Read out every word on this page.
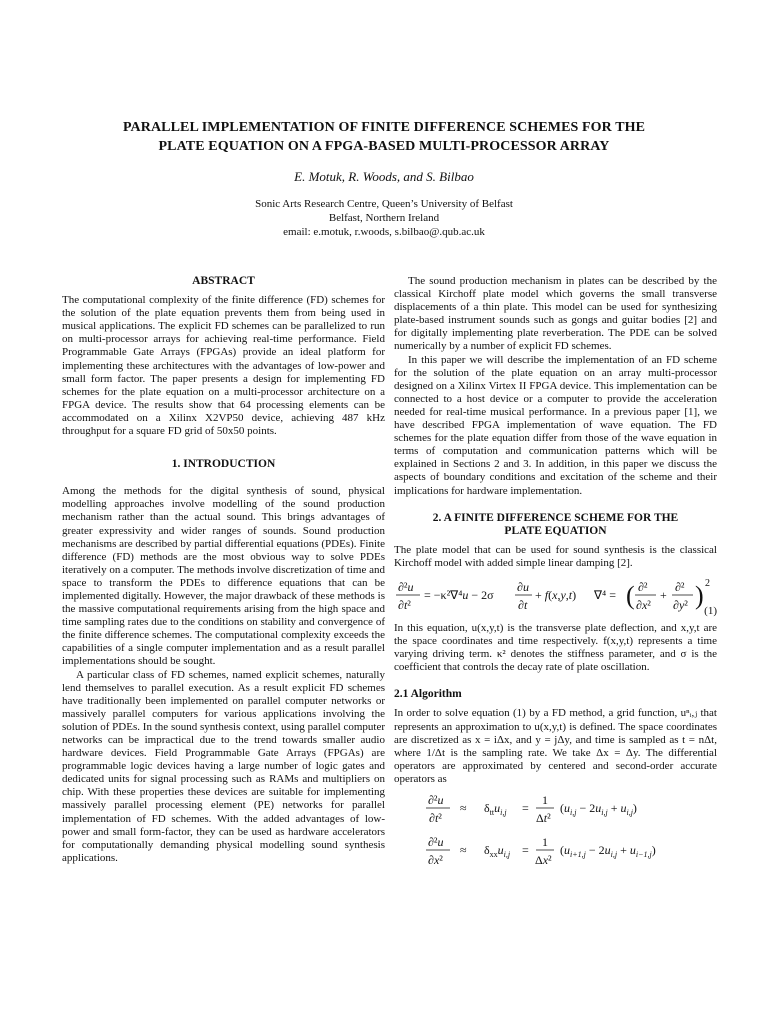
PARALLEL IMPLEMENTATION OF FINITE DIFFERENCE SCHEMES FOR THE
PLATE EQUATION ON A FPGA-BASED MULTI-PROCESSOR ARRAY
E. Motuk, R. Woods, and S. Bilbao
Sonic Arts Research Centre, Queen’s University of Belfast
Belfast, Northern Ireland
email: e.motuk, r.woods, s.bilbao@.qub.ac.uk

ABSTRACT

The computational complexity of the finite difference (FD) schemes for the solution of the plate equation prevents them from being used in musical applications. The explicit FD schemes can be parallelized to run on multi-processor arrays for achieving real-time performance. Field Programmable Gate Arrays (FPGAs) provide an ideal platform for implementing these architectures with the advantages of low-power and small form factor. The paper presents a design for implementing FD schemes for the plate equation on a multi-processor architecture on a FPGA device. The results show that 64 processing elements can be accommodated on a Xilinx X2VP50 device, achieving 487 kHz throughput for a square FD grid of 50x50 points.

1. INTRODUCTION

Among the methods for the digital synthesis of sound, physical modelling approaches involve modelling of the sound production mechanism rather than the actual sound. This brings advantages of greater expressivity and wider ranges of sounds. Sound production mechanisms are described by partial differential equations (PDEs). Finite difference (FD) methods are the most obvious way to solve PDEs iteratively on a computer. The methods involve discretization of time and space to transform the PDEs to difference equations that can be implemented digitally. However, the major drawback of these methods is the massive computational requirements arising from the high space and time sampling rates due to the conditions on stability and convergence of the finite difference schemes. The computational complexity exceeds the capabilities of a single computer implementation and as a result parallel implementations should be sought.

A particular class of FD schemes, named explicit schemes, naturally lend themselves to parallel execution. As a result explicit FD schemes have traditionally been implemented on parallel computer networks or massively parallel computers for various applications involving the solution of PDEs. In the sound synthesis context, using parallel computer networks can be impractical due to the trend towards smaller audio hardware devices. Field Programmable Gate Arrays (FPGAs) are programmable logic devices having a large number of logic gates and dedicated units for signal processing such as RAMs and multipliers on chip. With these properties these devices are suitable for implementing massively parallel processing element (PE) networks for parallel implementation of FD schemes. With the added advantages of low-power and small form-factor, they can be used as hardware accelerators for computationally demanding physical modelling sound synthesis applications.

The sound production mechanism in plates can be described by the classical Kirchoff plate model which governs the small transverse displacements of a thin plate. This model can be used for synthesizing plate-based instrument sounds such as gongs and guitar bodies [2] and for digitally implementing plate reverberation. The PDE can be solved numerically by a number of explicit FD schemes.

In this paper we will describe the implementation of an FD scheme for the solution of the plate equation on an array multi-processor designed on a Xilinx Virtex II FPGA device. This implementation can be connected to a host device or a computer to provide the acceleration needed for real-time musical performance. In a previous paper [1], we have described FPGA implementation of wave equation. The FD schemes for the plate equation differ from those of the wave equation in terms of computation and communication patterns which will be explained in Sections 2 and 3. In addition, in this paper we discuss the aspects of boundary conditions and excitation of the scheme and their implications for hardware implementation.

2. A FINITE DIFFERENCE SCHEME FOR THE
PLATE EQUATION

The plate model that can be used for sound synthesis is the classical Kirchoff model with added simple linear damping [2].

∂²u
∂t²
= −κ²∇⁴u − 2σ
∂u
∂t
+ f(x,y,t) ∇⁴ = ( ∂²
∂x²
+
∂²
∂y² ) 2
(1)

In this equation, u(x,y,t) is the transverse plate deflection, and x,y,t are the space coordinates and time respectively. f(x,y,t) represents a time varying driving term. κ² denotes the stiffness parameter, and σ is the coefficient that controls the decay rate of plate oscillation.

2.1 Algorithm

In order to solve equation (1) by a FD method, a grid function, uⁿᵢ,ⱼ that represents an approximation to u(x,y,t) is defined. The space coordinates are discretized as x = iΔx, and y = jΔy, and time is sampled as t = nΔt, where 1/Δt is the sampling rate. We take Δx = Δy. The differential operators are approximated by centered and second-order accurate operators as

∂²u
∂t²
≈ $\delta_{tt}u_{i,j}$ =
1
Δt²
$(u_{i,j} - 2u_{i,j} + u_{i,j})$
∂²u
∂x²
≈ $\delta_{xx}u_{i,j}$ =
1
Δx²
$(u_{i+1,j} - 2u_{i,j} + u_{i-1,j})$
